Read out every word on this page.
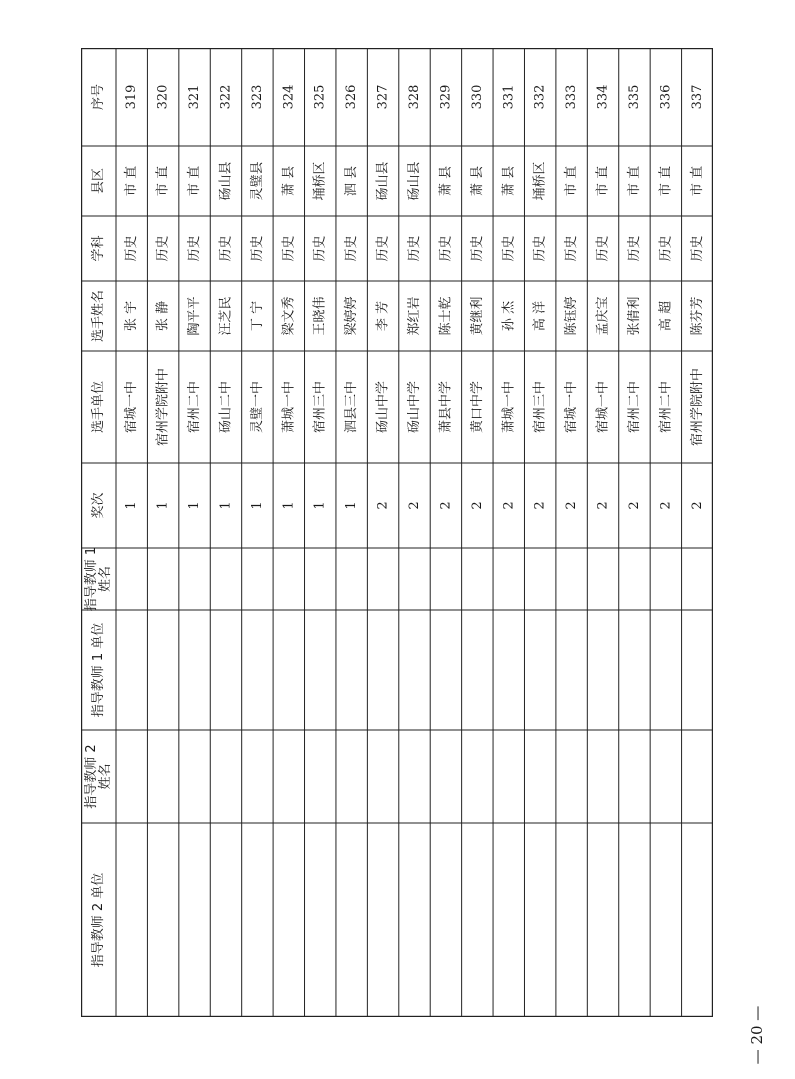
序号
县区
学科
选手姓名
选手单位
奖次
指导教师 1 姓名
指导教师 1 单位
指导教师 2 姓名
指导教师 2 单位
319
市 直
历史
张 宇
宿城一中
1
320
市 直
历史
张 静
宿州学院附中
1
321
市 直
历史
陶平平
宿州二中
1
322
砀山县
历史
汪芝民
砀山二中
1
323
灵璧县
历史
丁 宁
灵璧一中
1
324
萧 县
历史
梁文秀
萧城一中
1
325
埇桥区
历史
王晓伟
宿州三中
1
326
泗 县
历史
梁婷婷
泗县三中
1
327
砀山县
历史
李 芳
砀山中学
2
328
砀山县
历史
郑红岩
砀山中学
2
329
萧 县
历史
陈士乾
萧县中学
2
330
萧 县
历史
黄继利
黄口中学
2
331
萧 县
历史
孙 杰
萧城一中
2
332
埇桥区
历史
高 洋
宿州三中
2
333
市 直
历史
陈钰婷
宿城一中
2
334
市 直
历史
孟庆宝
宿城一中
2
335
市 直
历史
张倩利
宿州二中
2
336
市 直
历史
高 超
宿州二中
2
337
市 直
历史
陈芬芳
宿州学院附中
2
— 20 —
